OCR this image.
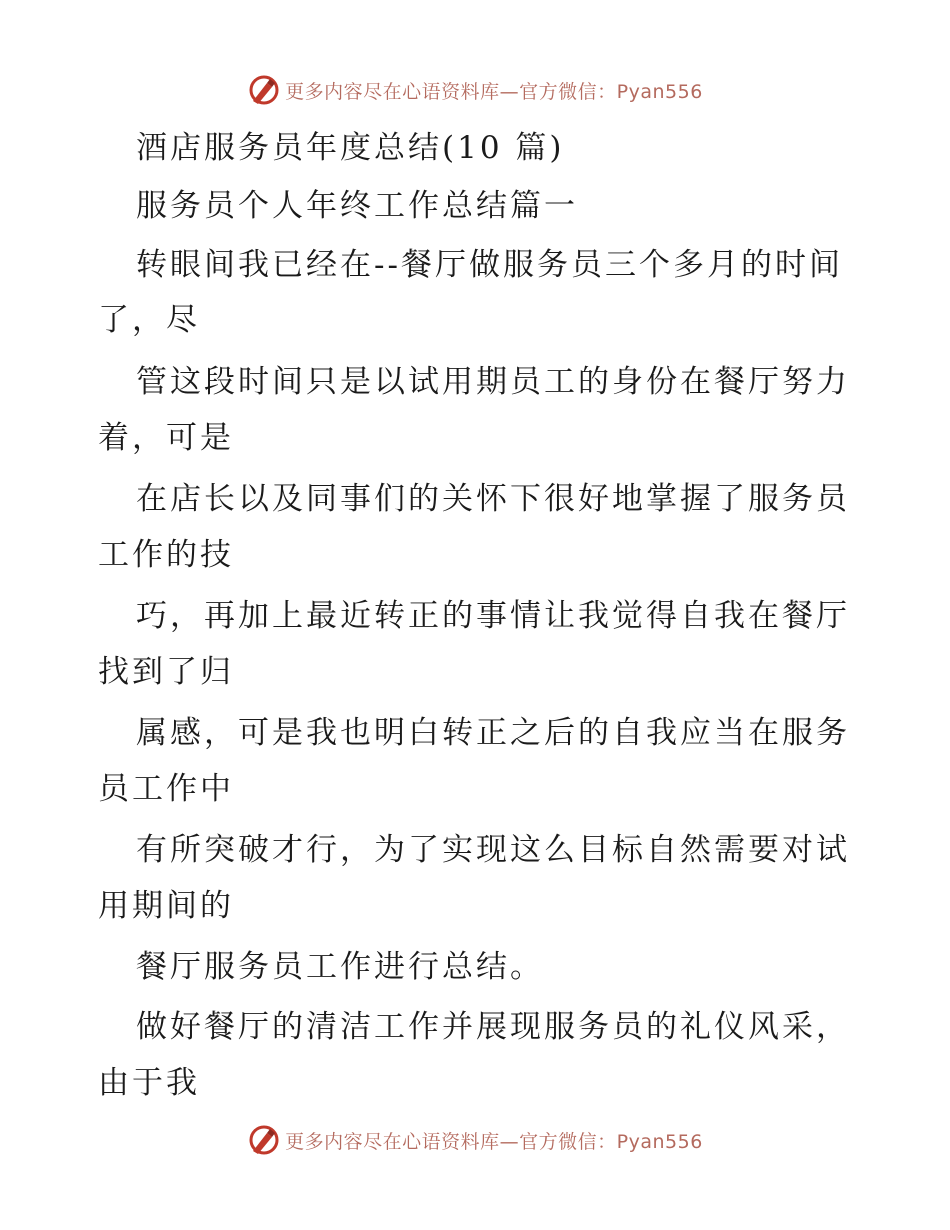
更多内容尽在心语资料库—官方微信：Pyan556
酒店服务员年度总结(10 篇)
服务员个人年终工作总结篇一
转眼间我已经在--餐厅做服务员三个多月的时间
了，尽
管这段时间只是以试用期员工的身份在餐厅努力
着，可是
在店长以及同事们的关怀下很好地掌握了服务员
工作的技
巧，再加上最近转正的事情让我觉得自我在餐厅
找到了归
属感，可是我也明白转正之后的自我应当在服务
员工作中
有所突破才行，为了实现这么目标自然需要对试
用期间的
餐厅服务员工作进行总结。
做好餐厅的清洁工作并展现服务员的礼仪风采，
由于我
更多内容尽在心语资料库—官方微信：Pyan556
